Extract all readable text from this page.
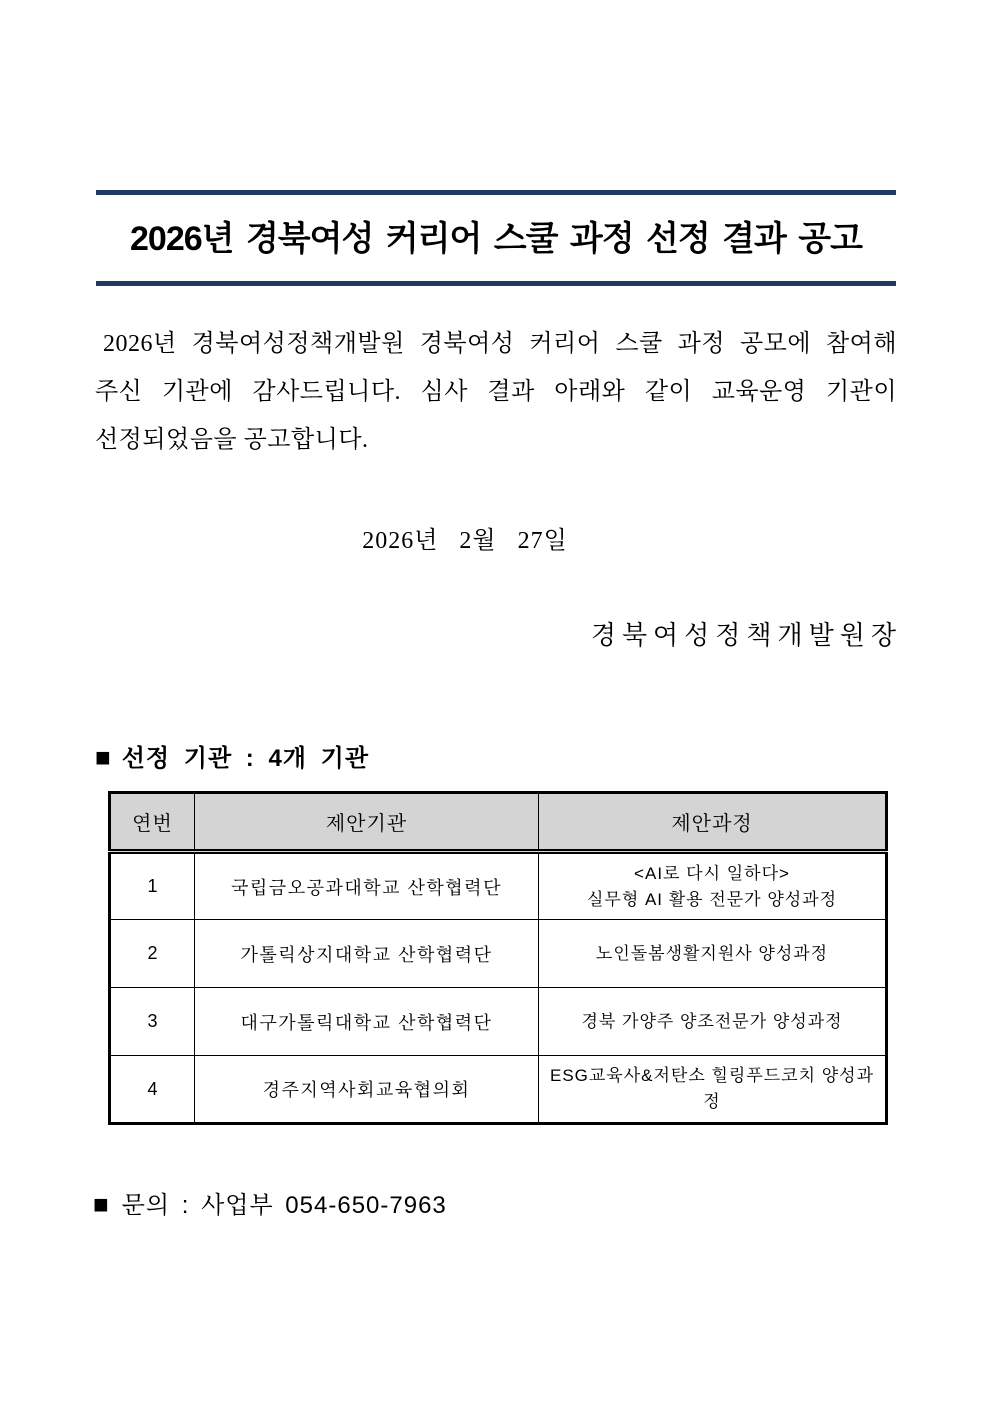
2026년 경북여성 커리어 스쿨 과정 선정 결과 공고

2026년 경북여성정책개발원 경북여성 커리어 스쿨 과정 공모에 참여해

주신 기관에 감사드립니다. 심사 결과 아래와 같이 교육운영 기관이

선정되었음을 공고합니다.

2026년   2월   27일
경북여성정책개발원장
■ 선정 기관 : 4개 기관
연번	제안기관	제안과정
1	국립금오공과대학교 산학협력단	<AI로 다시 일하다>
실무형 AI 활용 전문가 양성과정
2	가톨릭상지대학교 산학협력단	노인돌봄생활지원사 양성과정
3	대구가톨릭대학교 산학협력단	경북 가양주 양조전문가 양성과정
4	경주지역사회교육협의회	ESG교육사&저탄소 힐링푸드코치 양성과정
■ 문의 : 사업부 054-650-7963
